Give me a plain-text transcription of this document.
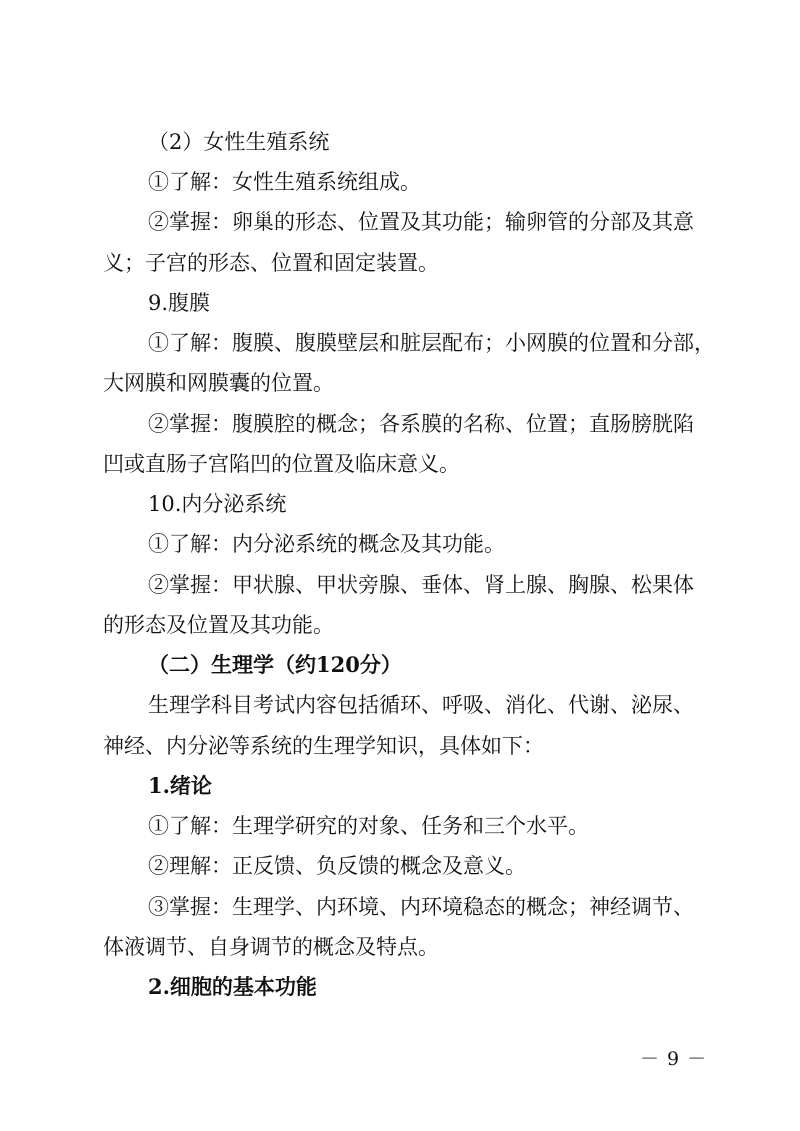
（2）女性生殖系统
①了解：女性生殖系统组成。
②掌握：卵巢的形态、位置及其功能；输卵管的分部及其意
义；子宫的形态、位置和固定装置。
9.腹膜
①了解：腹膜、腹膜壁层和脏层配布；小网膜的位置和分部，
大网膜和网膜囊的位置。
②掌握：腹膜腔的概念；各系膜的名称、位置；直肠膀胱陷
凹或直肠子宫陷凹的位置及临床意义。
10.内分泌系统
①了解：内分泌系统的概念及其功能。
②掌握：甲状腺、甲状旁腺、垂体、肾上腺、胸腺、松果体
的形态及位置及其功能。
（二）生理学（约120分）
生理学科目考试内容包括循环、呼吸、消化、代谢、泌尿、
神经、内分泌等系统的生理学知识，具体如下：
1.绪论
①了解：生理学研究的对象、任务和三个水平。
②理解：正反馈、负反馈的概念及意义。
③掌握：生理学、内环境、内环境稳态的概念；神经调节、
体液调节、自身调节的概念及特点。
2.细胞的基本功能
－ 9 －
